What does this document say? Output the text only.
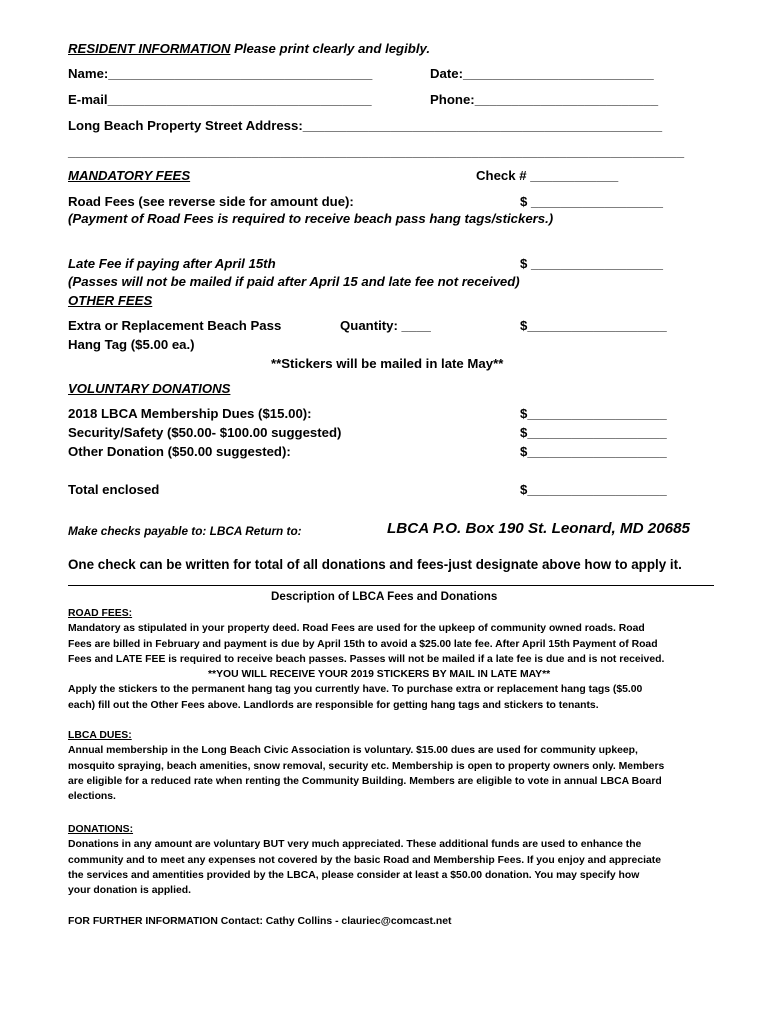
RESIDENT INFORMATION Please print clearly and legibly.
Name:____________________________________	Date:__________________________
E-mail____________________________________	Phone:_________________________
Long Beach Property Street Address:_________________________________________________
____________________________________________________________________________________
MANDATORY FEES	Check # ____________
Road Fees (see reverse side for amount due):	$ __________________
(Payment of Road Fees is required to receive beach pass hang tags/stickers.)
Late Fee if paying after April 15th	$ __________________
(Passes will not be mailed if paid after April 15 and late fee not received)
OTHER FEES
Extra or Replacement Beach Pass	Quantity: ____	$___________________
Hang Tag ($5.00 ea.)
**Stickers will be mailed in late May**
VOLUNTARY DONATIONS
2018 LBCA Membership Dues ($15.00):	$___________________
Security/Safety ($50.00- $100.00 suggested)	$___________________
Other Donation ($50.00 suggested):	$___________________
Total enclosed	$___________________
Make checks payable to: LBCA Return to:	LBCA P.O. Box 190 St. Leonard, MD 20685
One check can be written for total of all donations and fees-just designate above how to apply it.
Description of LBCA Fees and Donations
ROAD FEES:
Mandatory as stipulated in your property deed. Road Fees are used for the upkeep of community owned roads. Road
Fees are billed in February and payment is due by April 15th to avoid a $25.00 late fee. After April 15th Payment of Road
Fees and LATE FEE is required to receive beach passes. Passes will not be mailed if a late fee is due and is not received.
**YOU WILL RECEIVE YOUR 2019 STICKERS BY MAIL IN LATE MAY**
Apply the stickers to the permanent hang tag you currently have. To purchase extra or replacement hang tags ($5.00
each) fill out the Other Fees above. Landlords are responsible for getting hang tags and stickers to tenants.
LBCA DUES:
Annual membership in the Long Beach Civic Association is voluntary. $15.00 dues are used for community upkeep,
mosquito spraying, beach amenities, snow removal, security etc. Membership is open to property owners only. Members
are eligible for a reduced rate when renting the Community Building. Members are eligible to vote in annual LBCA Board
elections.
DONATIONS:
Donations in any amount are voluntary BUT very much appreciated. These additional funds are used to enhance the
community and to meet any expenses not covered by the basic Road and Membership Fees. If you enjoy and appreciate
the services and amentities provided by the LBCA, please consider at least a $50.00 donation. You may specify how
your donation is applied.
FOR FURTHER INFORMATION Contact: Cathy Collins - clauriec@comcast.net
